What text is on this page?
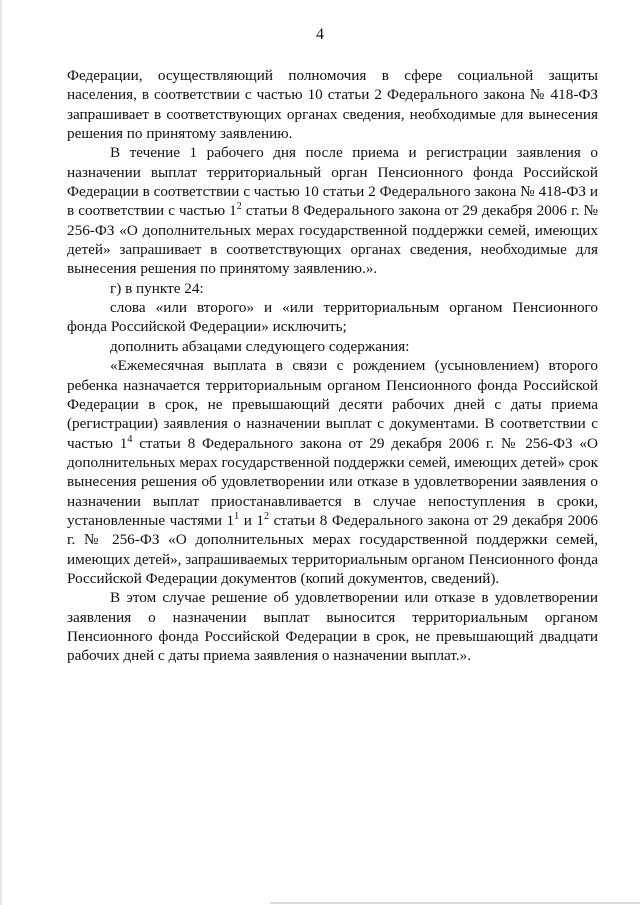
4

Федерации, осуществляющий полномочия в сфере социальной защиты населения, в соответствии с частью 10 статьи 2 Федерального закона № 418-ФЗ запрашивает в соответствующих органах сведения, необходимые для вынесения решения по принятому заявлению.

В течение 1 рабочего дня после приема и регистрации заявления о назначении выплат территориальный орган Пенсионного фонда Российской Федерации в соответствии с частью 10 статьи 2 Федерального закона № 418-ФЗ и в соответствии с частью $1^2$ статьи 8 Федерального закона от 29 декабря 2006 г. № 256-ФЗ «О дополнительных мерах государственной поддержки семей, имеющих детей» запрашивает в соответствующих органах сведения, необходимые для вынесения решения по принятому заявлению.».

г) в пункте 24:

слова «или второго» и «или территориальным органом Пенсионного фонда Российской Федерации» исключить;

дополнить абзацами следующего содержания:

«Ежемесячная выплата в связи с рождением (усыновлением) второго ребенка назначается территориальным органом Пенсионного фонда Российской Федерации в срок, не превышающий десяти рабочих дней с даты приема (регистрации) заявления о назначении выплат с документами. В соответствии с частью $1^4$ статьи 8 Федерального закона от 29 декабря 2006 г. № 256-ФЗ «О дополнительных мерах государственной поддержки семей, имеющих детей» срок вынесения решения об удовлетворении или отказе в удовлетворении заявления о назначении выплат приостанавливается в случае непоступления в сроки, установленные частями $1^1$ и $1^2$ статьи 8 Федерального закона от 29 декабря 2006 г. № 256-ФЗ «О дополнительных мерах государственной поддержки семей, имеющих детей», запрашиваемых территориальным органом Пенсионного фонда Российской Федерации документов (копий документов, сведений).

В этом случае решение об удовлетворении или отказе в удовлетворении заявления о назначении выплат выносится территориальным органом Пенсионного фонда Российской Федерации в срок, не превышающий двадцати рабочих дней с даты приема заявления о назначении выплат.».
